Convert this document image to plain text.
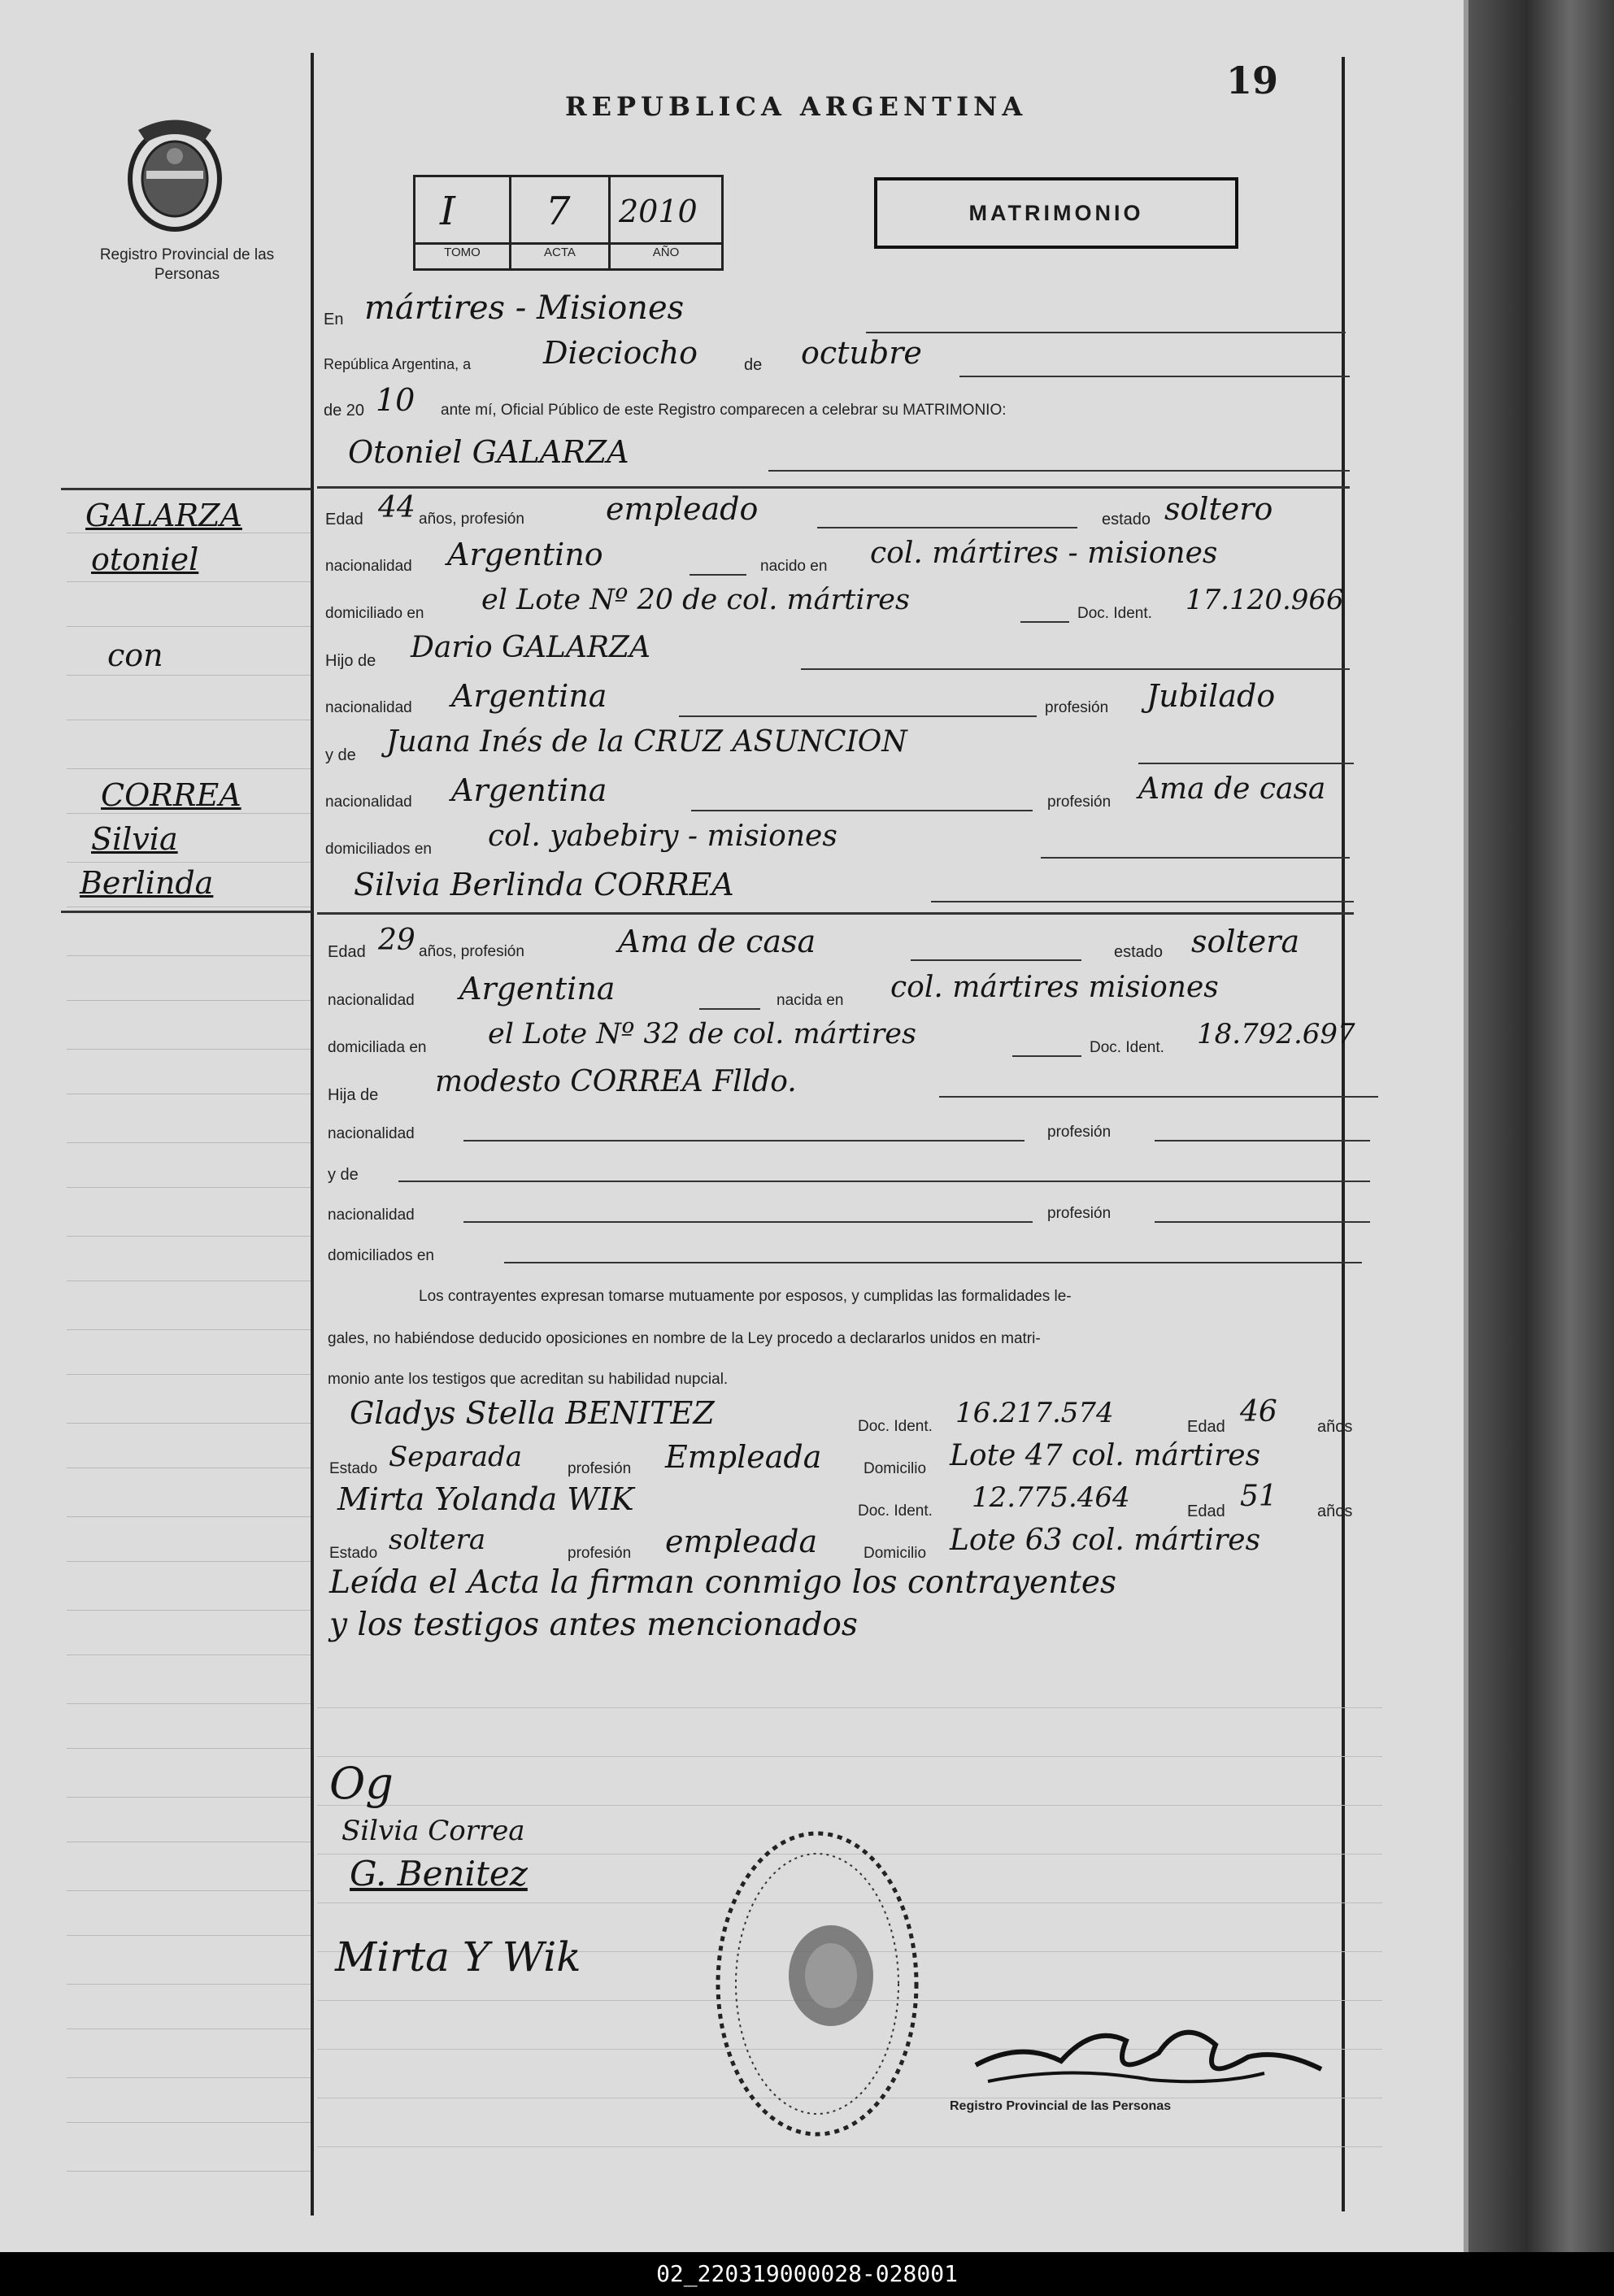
Registro Provincial de las Personas
REPUBLICA ARGENTINA
19
I 7 2010
TOMO	ACTA	AÑO
MATRIMONIO
En mártires - Misiones
República Argentina, a Dieciocho	de octubre
de 20 10 ante mí, Oficial Público de este Registro comparecen a celebrar su MATRIMONIO:
Otoniel GALARZA
GALARZA
otoniel
con
CORREA
Silvia
Berlinda
Edad 44 años, profesión	empleado	estado soltero
nacionalidad Argentino	nacido en col. mártires - misiones
domiciliado en el Lote Nº 20 de col. mártires	Doc. Ident. 17.120.966
Hijo de Dario GALARZA
nacionalidad Argentina	profesión Jubilado
y de Juana Inés de la CRUZ ASUNCION
nacionalidad Argentina	profesión Ama de casa
domiciliados en col. yabebiry - misiones
Silvia Berlinda CORREA
Edad 29 años, profesión	Ama de casa	estado soltera
nacionalidad Argentina	nacida en col. mártires misiones
domiciliada en el Lote Nº 32 de col. mártires	Doc. Ident. 18.792.697
Hija de modesto CORREA Flldo.
nacionalidad	profesión
y de
nacionalidad	profesión
domiciliados en
Los contrayentes expresan tomarse mutuamente por esposos, y cumplidas las formalidades le-
gales, no habiéndose deducido oposiciones en nombre de la Ley procedo a declararlos unidos en matri-
monio ante los testigos que acreditan su habilidad nupcial.
Gladys Stella BENITEZ	Doc. Ident. 16.217.574	Edad 46 años
Estado Separada	profesión Empleada	Domicilio Lote 47 col. mártires
Mirta Yolanda WIK	Doc. Ident. 12.775.464	Edad 51 años
Estado soltera	profesión empleada	Domicilio Lote 63 col. mártires
Leída el Acta la firman conmigo los contrayentes
y los testigos antes mencionados
Og
Silvia Correa
G. Benitez
Mirta Y Wik
Registro Provincial de las Personas
02_220319000028-028001
